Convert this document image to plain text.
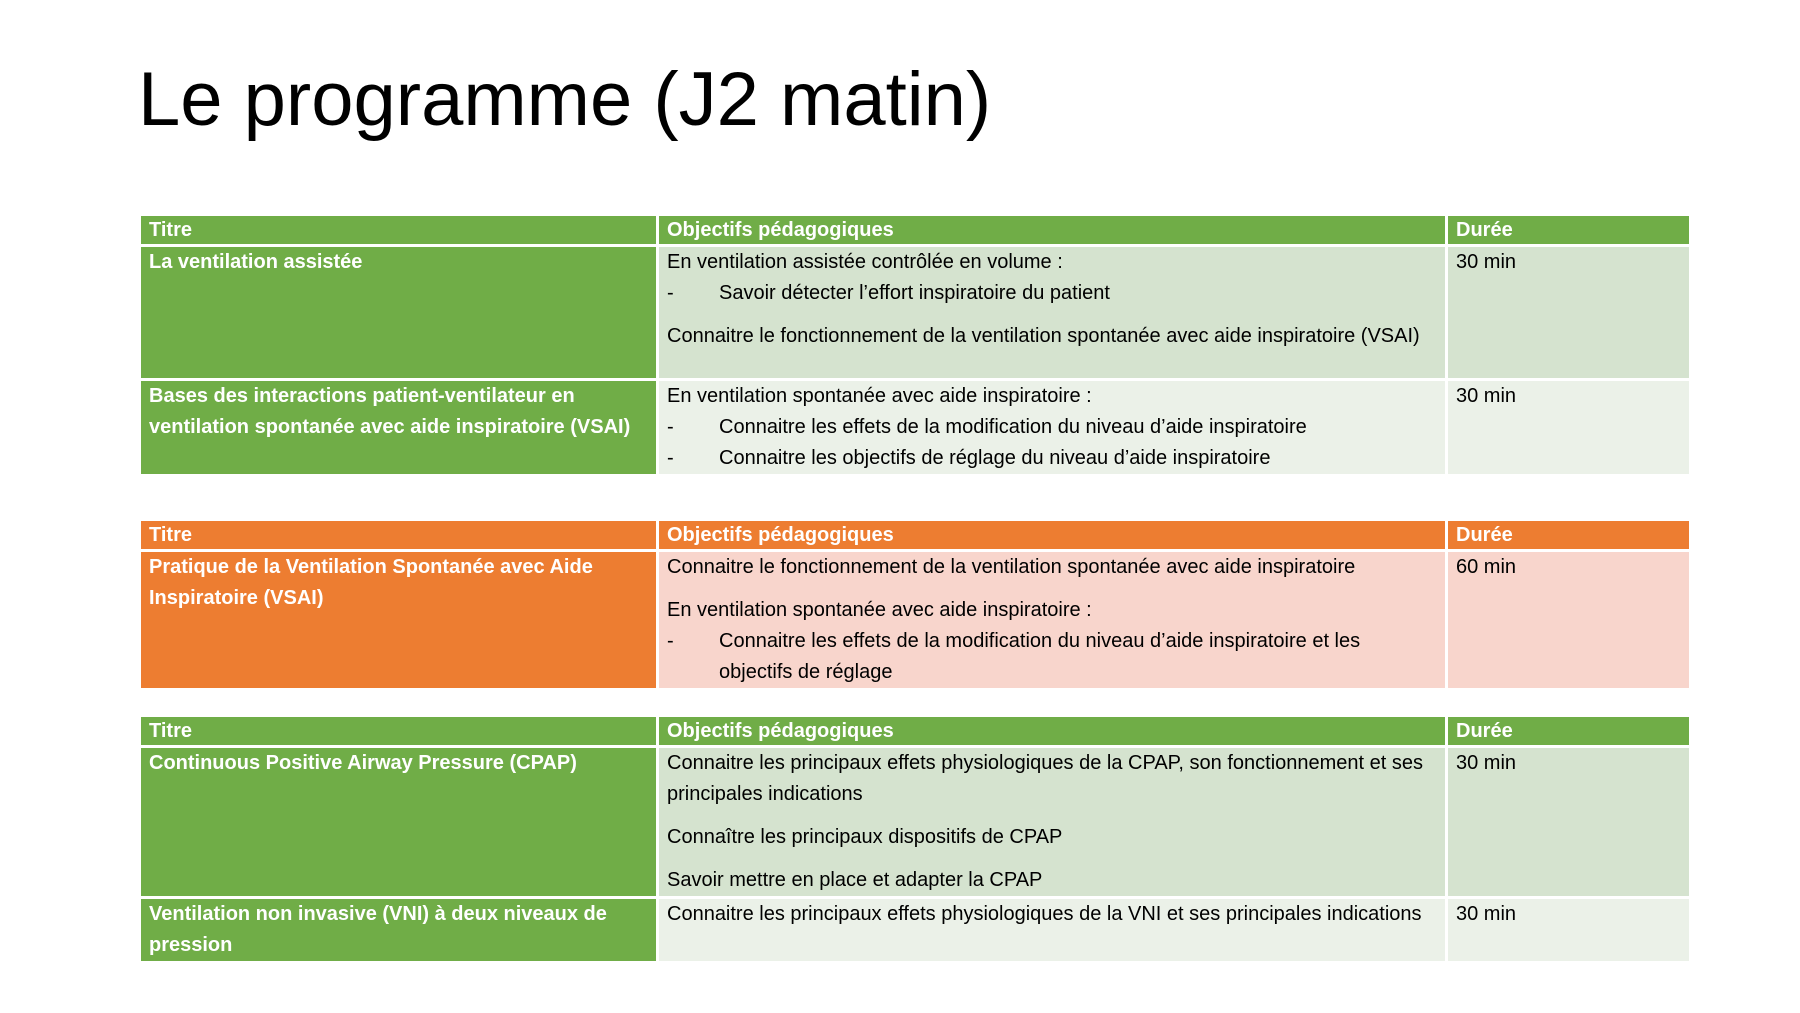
Le programme (J2 matin)
Titre	Objectifs pédagogiques	Durée
La ventilation assistée	En ventilation assistée contrôlée en volume :
- Savoir détecter l’effort inspiratoire du patient
Connaitre le fonctionnement de la ventilation spontanée avec aide inspiratoire (VSAI)	30 min
Bases des interactions patient-ventilateur en ventilation spontanée avec aide inspiratoire (VSAI)	En ventilation spontanée avec aide inspiratoire :
- Connaitre les effets de la modification du niveau d’aide inspiratoire
- Connaitre les objectifs de réglage du niveau d’aide inspiratoire	30 min
Titre	Objectifs pédagogiques	Durée
Pratique de la Ventilation Spontanée avec Aide Inspiratoire (VSAI)	Connaitre le fonctionnement de la ventilation spontanée avec aide inspiratoire
En ventilation spontanée avec aide inspiratoire :
- Connaitre les effets de la modification du niveau d’aide inspiratoire et les objectifs de réglage	60 min
Titre	Objectifs pédagogiques	Durée
Continuous Positive Airway Pressure (CPAP)	Connaitre les principaux effets physiologiques de la CPAP, son fonctionnement et ses principales indications
Connaître les principaux dispositifs de CPAP
Savoir mettre en place et adapter la CPAP	30 min
Ventilation non invasive (VNI) à deux niveaux de pression	Connaitre les principaux effets physiologiques de la VNI et ses principales indications	30 min
